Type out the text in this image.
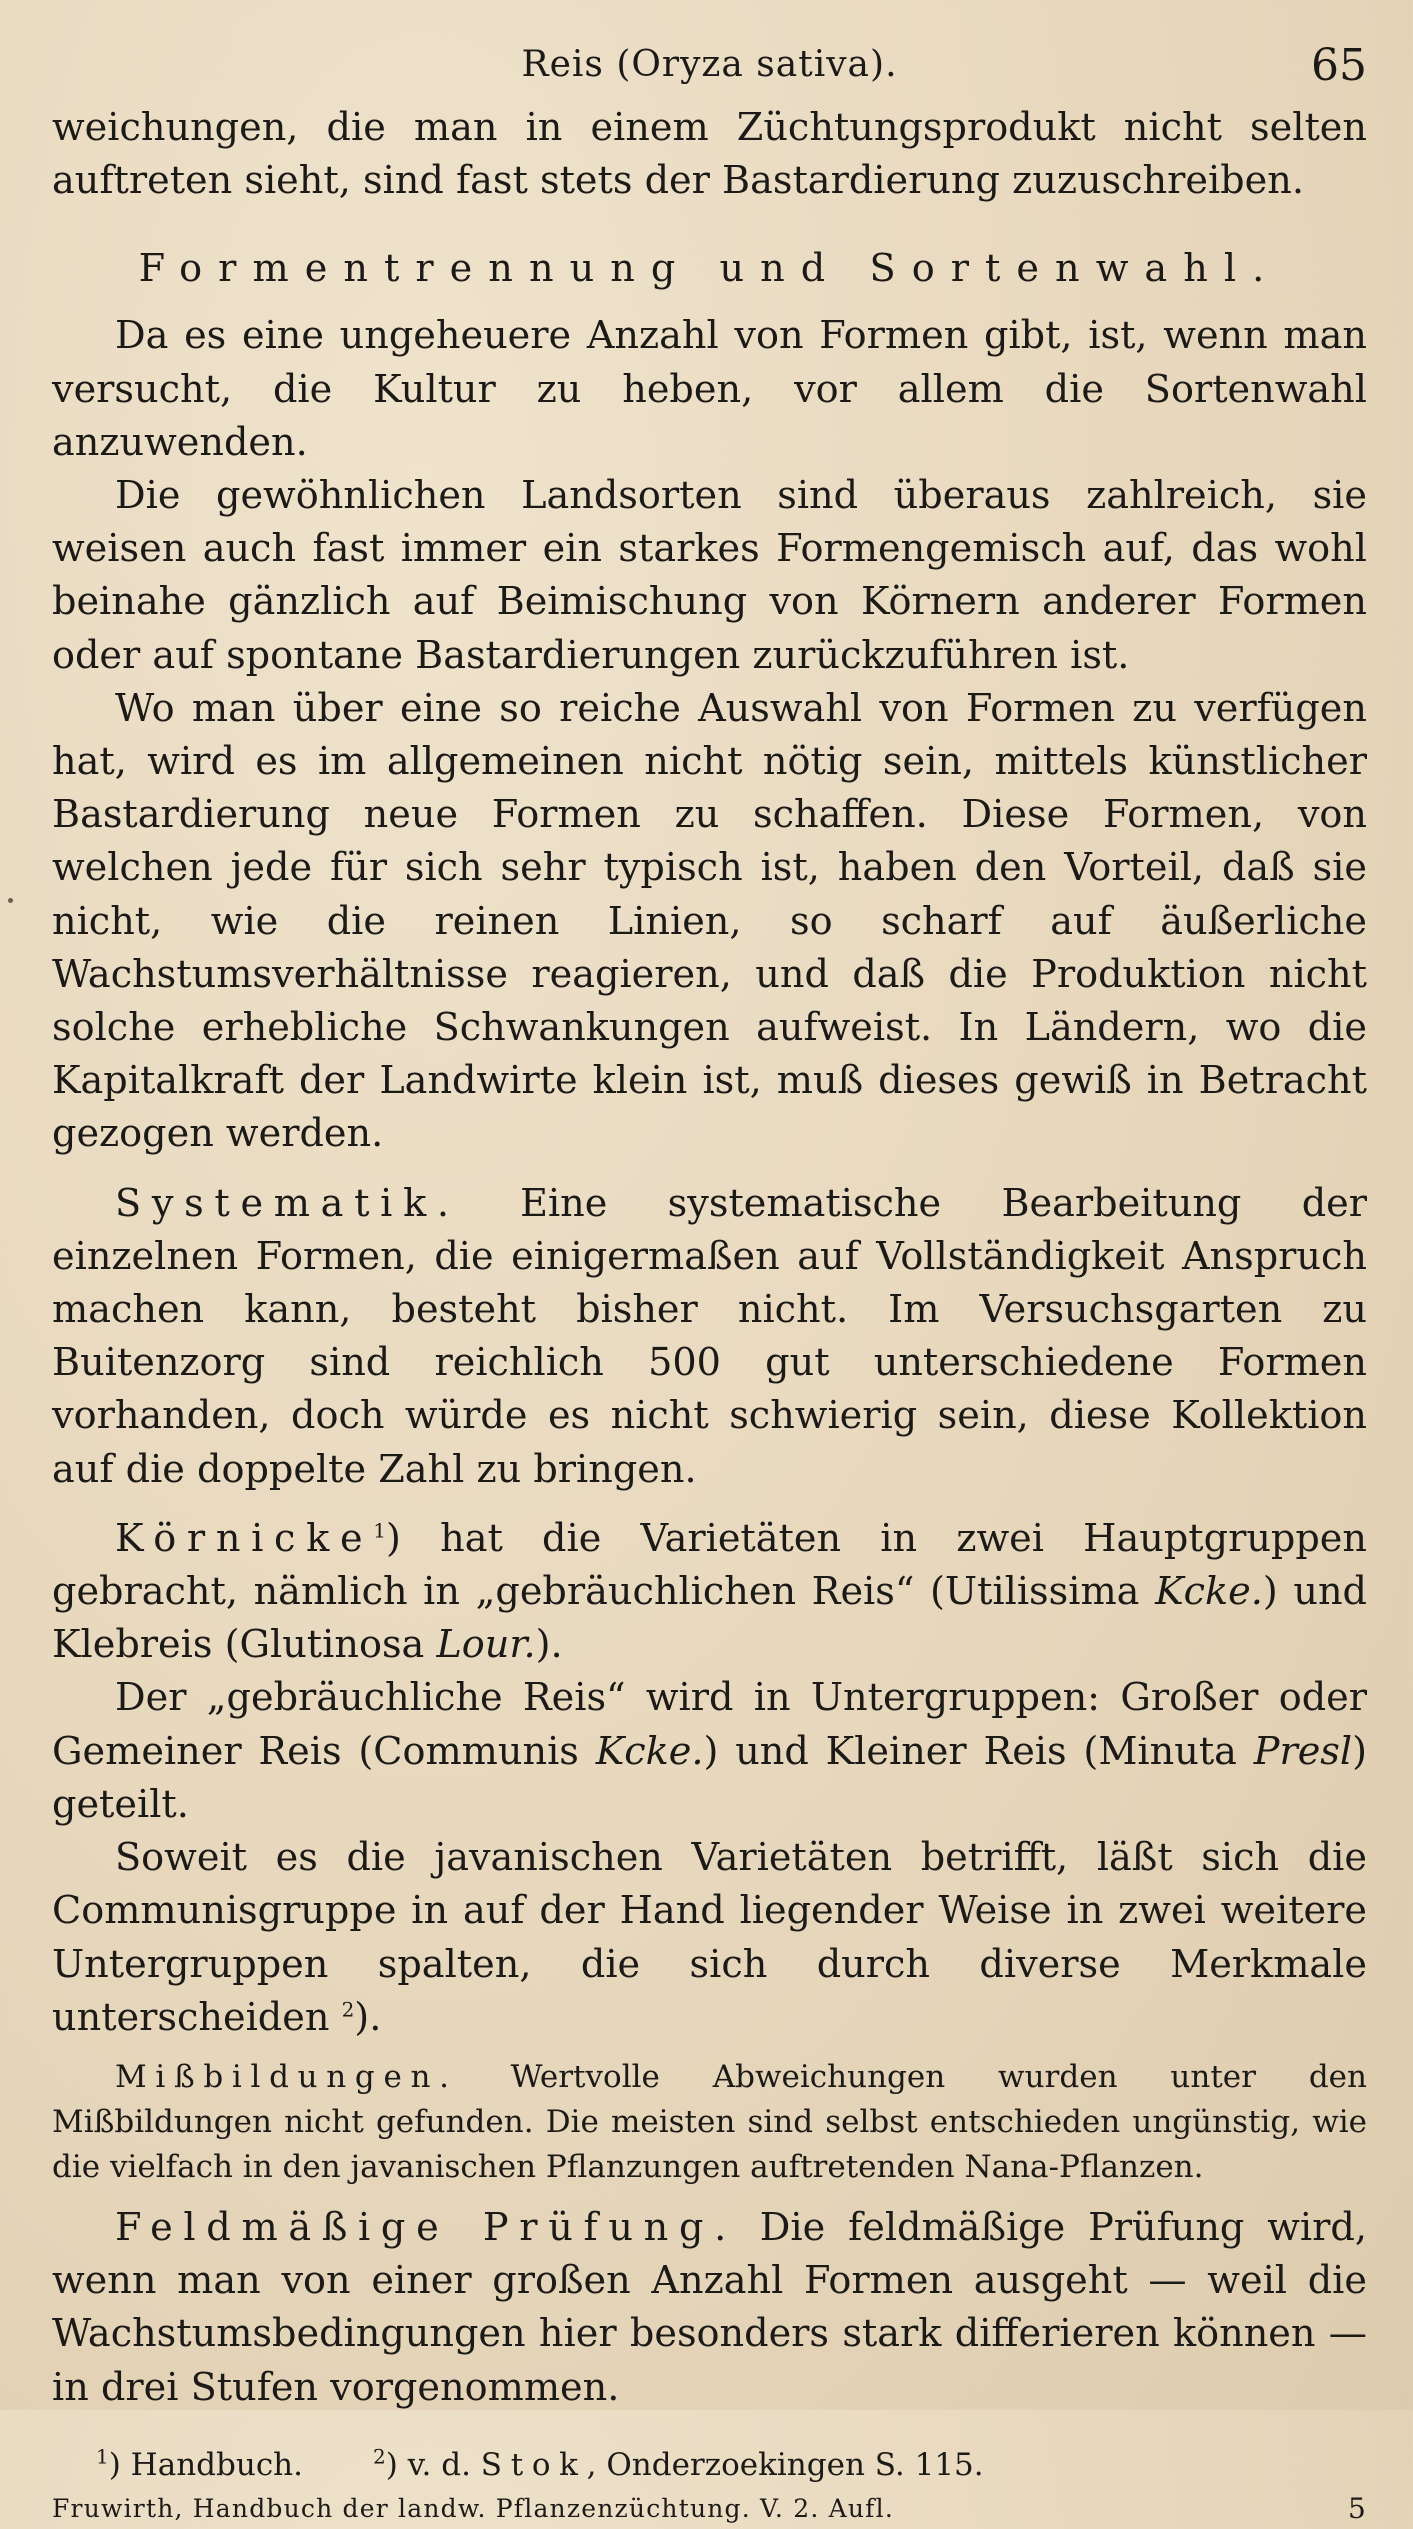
Reis (Oryza sativa).	65

weichungen, die man in einem Züchtungsprodukt nicht selten auftreten sieht, sind fast stets der Bastardierung zuzuschreiben.

Formentrennung und Sortenwahl.

Da es eine ungeheuere Anzahl von Formen gibt, ist, wenn man versucht, die Kultur zu heben, vor allem die Sortenwahl anzuwenden.

Die gewöhnlichen Landsorten sind überaus zahlreich, sie weisen auch fast immer ein starkes Formengemisch auf, das wohl beinahe gänzlich auf Beimischung von Körnern anderer Formen oder auf spontane Bastardierungen zurückzuführen ist.

Wo man über eine so reiche Auswahl von Formen zu verfügen hat, wird es im allgemeinen nicht nötig sein, mittels künstlicher Bastardierung neue Formen zu schaffen. Diese Formen, von welchen jede für sich sehr typisch ist, haben den Vorteil, daß sie nicht, wie die reinen Linien, so scharf auf äußerliche Wachstumsverhältnisse reagieren, und daß die Produktion nicht solche erhebliche Schwankungen aufweist. In Ländern, wo die Kapitalkraft der Landwirte klein ist, muß dieses gewiß in Betracht gezogen werden.

Systematik. Eine systematische Bearbeitung der einzelnen Formen, die einigermaßen auf Vollständigkeit Anspruch machen kann, besteht bisher nicht. Im Versuchsgarten zu Buitenzorg sind reichlich 500 gut unterschiedene Formen vorhanden, doch würde es nicht schwierig sein, diese Kollektion auf die doppelte Zahl zu bringen.

Körnicke$^1$) hat die Varietäten in zwei Hauptgruppen gebracht, nämlich in „gebräuchlichen Reis“ (Utilissima Kcke.) und Klebreis (Glutinosa Lour.).

Der „gebräuchliche Reis“ wird in Untergruppen: Großer oder Gemeiner Reis (Communis Kcke.) und Kleiner Reis (Minuta Presl) geteilt.

Soweit es die javanischen Varietäten betrifft, läßt sich die Communisgruppe in auf der Hand liegender Weise in zwei weitere Untergruppen spalten, die sich durch diverse Merkmale unterscheiden $^2$).

Mißbildungen. Wertvolle Abweichungen wurden unter den Mißbildungen nicht gefunden. Die meisten sind selbst entschieden ungünstig, wie die vielfach in den javanischen Pflanzungen auftretenden Nana-Pflanzen.

Feldmäßige Prüfung. Die feldmäßige Prüfung wird, wenn man von einer großen Anzahl Formen ausgeht — weil die Wachstumsbedingungen hier besonders stark differieren können — in drei Stufen vorgenommen.

$^1$) Handbuch.	$^2$) v. d. Stok, Onderzoekingen S. 115.
Fruwirth, Handbuch der landw. Pflanzenzüchtung. V. 2. Aufl.	5
